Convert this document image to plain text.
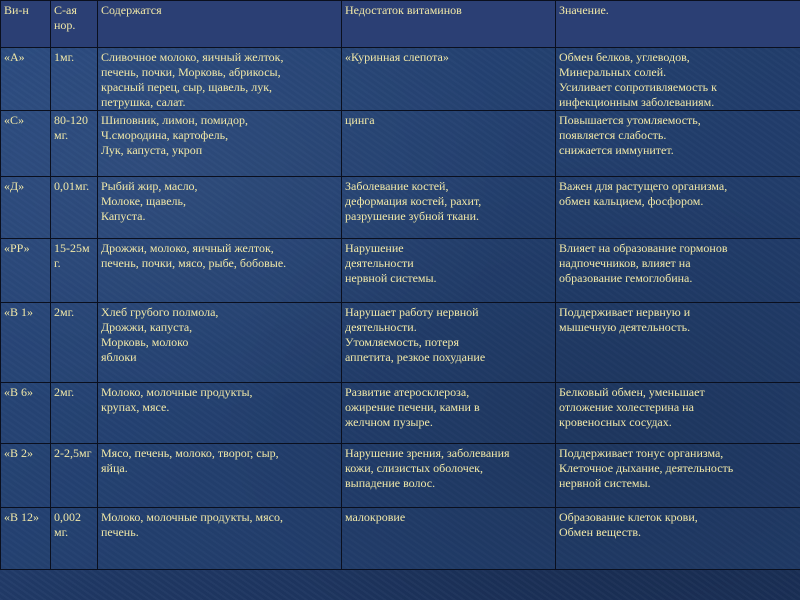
Ви-н	С-ая
нор.	Содержатся	Недостаток витаминов	Значение.

«А»	1мг.	Сливочное молоко, яичный желток,
печень, почки, Морковь, абрикосы,
красный перец, сыр, щавель, лук,
петрушка, салат.	«Куринная слепота»	Обмен белков, углеводов,
Минеральных солей.
Усиливает сопротивляемость к
инфекционным заболеваниям.

«С»	80-120
мг.	Шиповник, лимон, помидор,
Ч.смородина, картофель,
Лук, капуста, укроп	цинга	Повышается утомляемость,
появляется слабость.
снижается иммунитет.

«Д»	0,01мг.	Рыбий жир, масло,
Молоке, щавель,
Капуста.	Заболевание костей,
деформация костей, рахит,
разрушение зубной ткани.	Важен для растущего организма,
обмен кальцием, фосфором.

«РР»	15-25м
г.	Дрожжи, молоко, яичный желток,
печень, почки, мясо, рыбе, бобовые.	Нарушение
деятельности
нервной системы.	Влияет на образование гормонов
надпочечников, влияет на
образование гемоглобина.

«В 1»	2мг.	Хлеб грубого полмола,
Дрожжи, капуста,
Морковь, молоко
яблоки	Нарушает работу нервной
деятельности.
Утомляемость, потеря
аппетита, резкое похудание	Поддерживает нервную и
мышечную деятельность.

«В 6»	2мг.	Молоко, молочные продукты,
крупах, мясе.	Развитие атеросклероза,
ожирение печени, камни в
желчном пузыре.	Белковый обмен, уменьшает
отложение холестерина на
кровеносных сосудах.

«В 2»	2-2,5мг	Мясо, печень, молоко, творог, сыр,
яйца.	Нарушение зрения, заболевания
кожи, слизистых оболочек,
выпадение волос.	Поддерживает тонус организма,
Клеточное дыхание, деятельность
нервной системы.

«В 12»	0,002
мг.	Молоко, молочные продукты, мясо,
печень.	малокровие	Образование клеток крови,
Обмен веществ.
